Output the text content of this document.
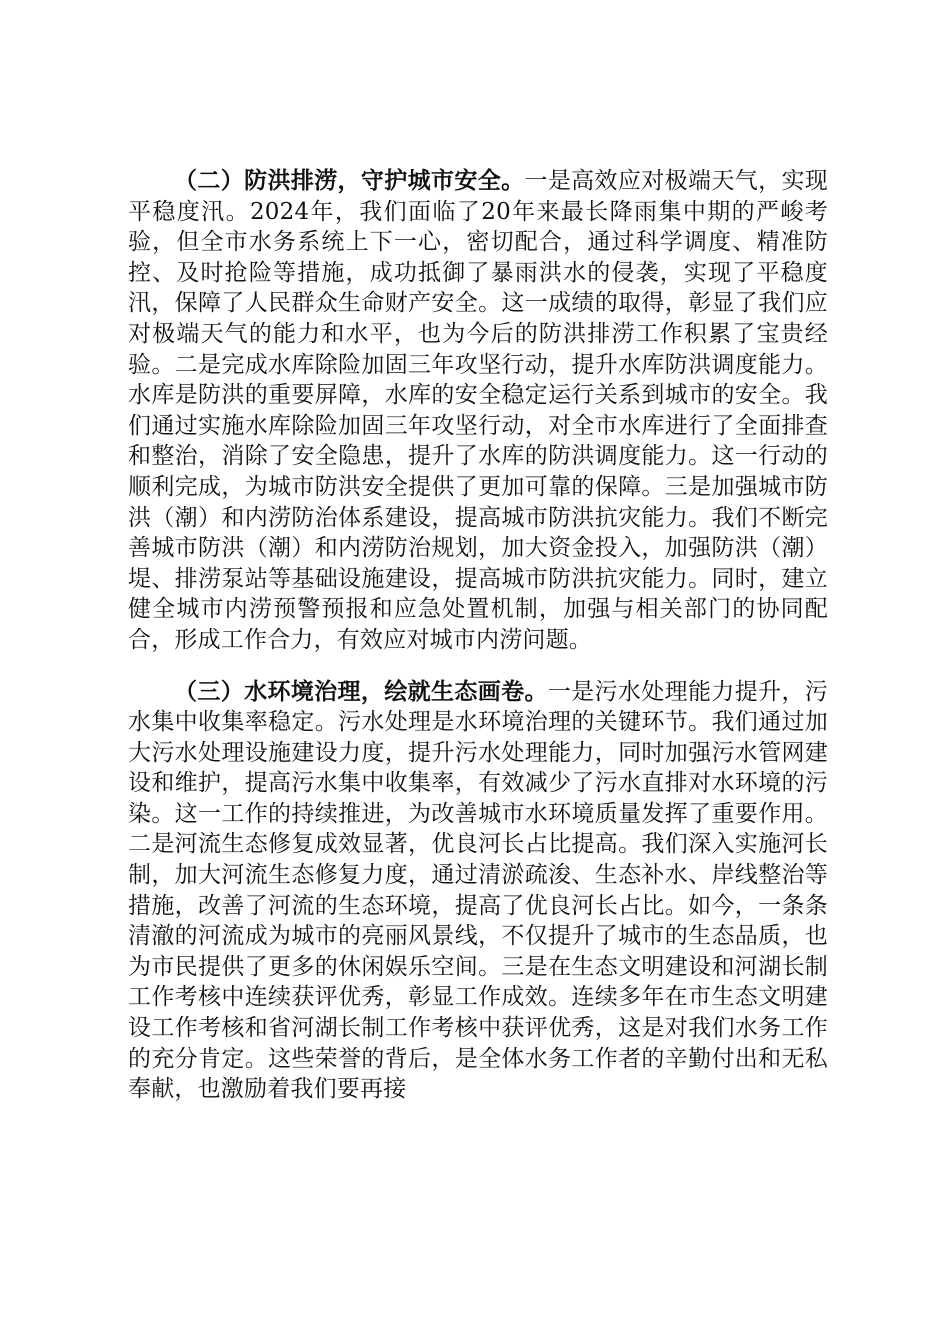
（二）防洪排涝，守护城市安全。一是高效应对极端天气，实现平稳度汛。2024年，我们面临了20年来最长降雨集中期的严峻考验，但全市水务系统上下一心，密切配合，通过科学调度、精准防控、及时抢险等措施，成功抵御了暴雨洪水的侵袭，实现了平稳度汛，保障了人民群众生命财产安全。这一成绩的取得，彰显了我们应对极端天气的能力和水平，也为今后的防洪排涝工作积累了宝贵经验。二是完成水库除险加固三年攻坚行动，提升水库防洪调度能力。水库是防洪的重要屏障，水库的安全稳定运行关系到城市的安全。我们通过实施水库除险加固三年攻坚行动，对全市水库进行了全面排查和整治，消除了安全隐患，提升了水库的防洪调度能力。这一行动的顺利完成，为城市防洪安全提供了更加可靠的保障。三是加强城市防洪（潮）和内涝防治体系建设，提高城市防洪抗灾能力。我们不断完善城市防洪（潮）和内涝防治规划，加大资金投入，加强防洪（潮）堤、排涝泵站等基础设施建设，提高城市防洪抗灾能力。同时，建立健全城市内涝预警预报和应急处置机制，加强与相关部门的协同配合，形成工作合力，有效应对城市内涝问题。

（三）水环境治理，绘就生态画卷。一是污水处理能力提升，污水集中收集率稳定。污水处理是水环境治理的关键环节。我们通过加大污水处理设施建设力度，提升污水处理能力，同时加强污水管网建设和维护，提高污水集中收集率，有效减少了污水直排对水环境的污染。这一工作的持续推进，为改善城市水环境质量发挥了重要作用。二是河流生态修复成效显著，优良河长占比提高。我们深入实施河长制，加大河流生态修复力度，通过清淤疏浚、生态补水、岸线整治等措施，改善了河流的生态环境，提高了优良河长占比。如今，一条条清澈的河流成为城市的亮丽风景线，不仅提升了城市的生态品质，也为市民提供了更多的休闲娱乐空间。三是在生态文明建设和河湖长制工作考核中连续获评优秀，彰显工作成效。连续多年在市生态文明建设工作考核和省河湖长制工作考核中获评优秀，这是对我们水务工作的充分肯定。这些荣誉的背后，是全体水务工作者的辛勤付出和无私奉献，也激励着我们要再接
